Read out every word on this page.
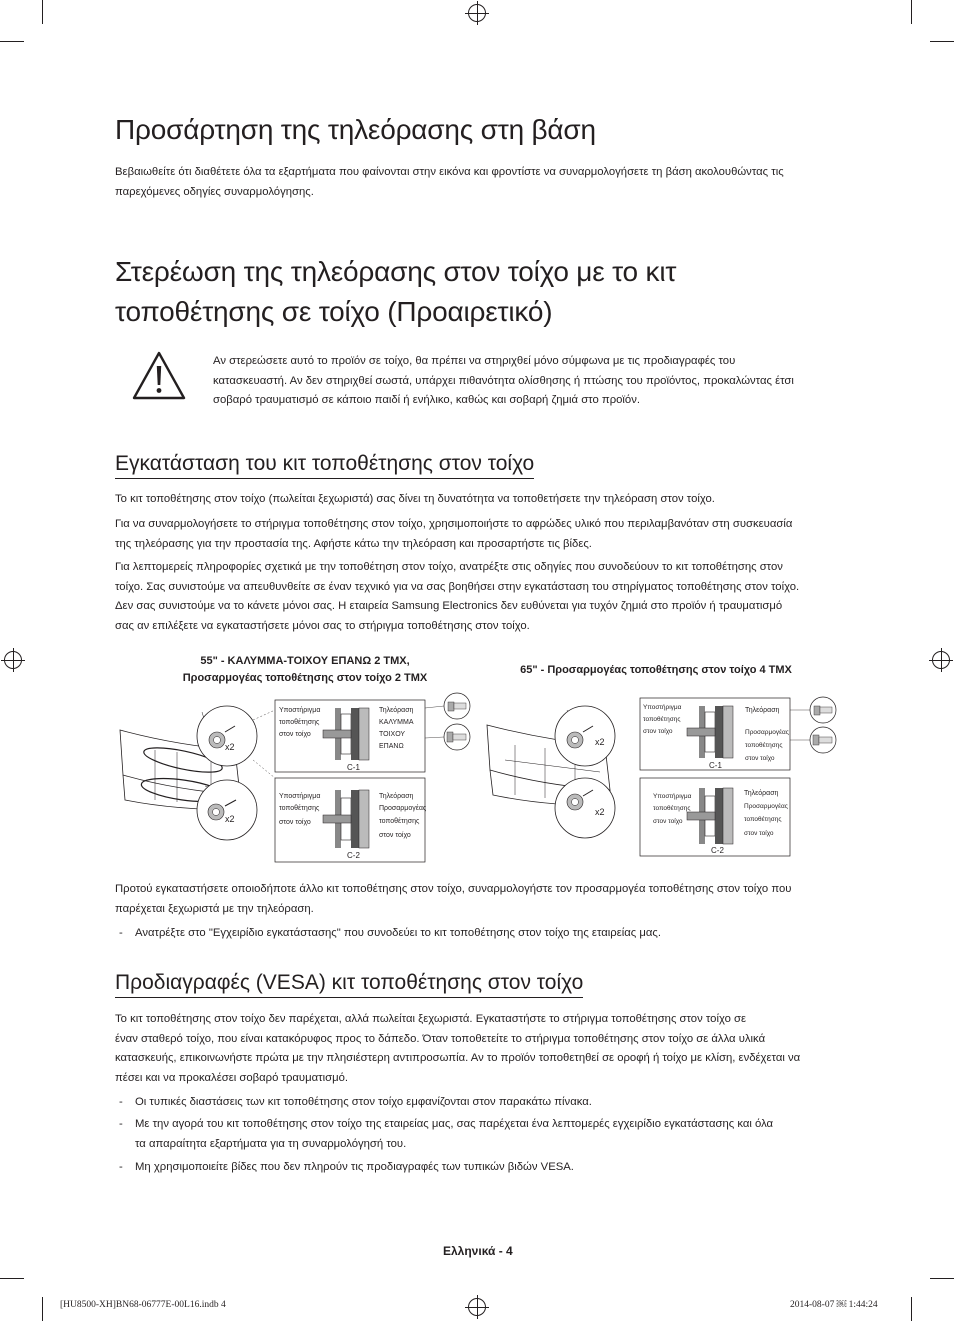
Προσάρτηση της τηλεόρασης στη βάση
Βεβαιωθείτε ότι διαθέτετε όλα τα εξαρτήματα που φαίνονται στην εικόνα και φροντίστε να συναρμολογήσετε τη βάση ακολουθώντας τις
παρεχόμενες οδηγίες συναρμολόγησης.
Στερέωση της τηλεόρασης στον τοίχο με το κιτ
τοποθέτησης σε τοίχο (Προαιρετικό)
Αν στερεώσετε αυτό το προϊόν σε τοίχο, θα πρέπει να στηριχθεί μόνο σύμφωνα με τις προδιαγραφές του
κατασκευαστή. Αν δεν στηριχθεί σωστά, υπάρχει πιθανότητα ολίσθησης ή πτώσης του προϊόντος, προκαλώντας έτσι
σοβαρό τραυματισμό σε κάποιο παιδί ή ενήλικο, καθώς και σοβαρή ζημιά στο προϊόν.
Εγκατάσταση του κιτ τοποθέτησης στον τοίχο
Το κιτ τοποθέτησης στον τοίχο (πωλείται ξεχωριστά) σας δίνει τη δυνατότητα να τοποθετήσετε την τηλεόραση στον τοίχο.
Για να συναρμολογήσετε το στήριγμα τοποθέτησης στον τοίχο, χρησιμοποιήστε το αφρώδες υλικό που περιλαμβανόταν στη συσκευασία
της τηλεόρασης για την προστασία της. Αφήστε κάτω την τηλεόραση και προσαρτήστε τις βίδες.
Για λεπτομερείς πληροφορίες σχετικά με την τοποθέτηση στον τοίχο, ανατρέξτε στις οδηγίες που συνοδεύουν το κιτ τοποθέτησης στον
τοίχο. Σας συνιστούμε να απευθυνθείτε σε έναν τεχνικό για να σας βοηθήσει στην εγκατάσταση του στηρίγματος τοποθέτησης στον τοίχο.
Δεν σας συνιστούμε να το κάνετε μόνοι σας. Η εταιρεία Samsung Electronics δεν ευθύνεται για τυχόν ζημιά στο προϊόν ή τραυματισμό
σας αν επιλέξετε να εγκαταστήσετε μόνοι σας το στήριγμα τοποθέτησης στον τοίχο.
55" - ΚΑΛΥΜΜΑ-ΤΟΙΧΟΥ ΕΠΑΝΩ 2 ΤΜΧ,
Προσαρμογέας τοποθέτησης στον τοίχο 2 ΤΜΧ
65" - Προσαρμογέας τοποθέτησης στον τοίχο 4 ΤΜΧ
x2
x2
Υποστήριγμα
τοποθέτησης
στον τοίχο
Τηλεόραση
ΚΑΛΥΜΜΑ
ΤΟΙΧΟΥ
ΕΠΑΝΩ
C-1
Υποστήριγμα
τοποθέτησης
στον τοίχο
Τηλεόραση
Προσαρμογέας
τοποθέτησης
στον τοίχο
C-2
x2
x2
Υποστήριγμα
τοποθέτησης
στον τοίχο
Τηλεόραση
Προσαρμογέας
τοποθέτησης
στον τοίχο
C-1
Υποστήριγμα
τοποθέτησης
στον τοίχο
Τηλεόραση
Προσαρμογέας
τοποθέτησης
στον τοίχο
C-2
Προτού εγκαταστήσετε οποιοδήποτε άλλο κιτ τοποθέτησης στον τοίχο, συναρμολογήστε τον προσαρμογέα τοποθέτησης στον τοίχο που
παρέχεται ξεχωριστά με την τηλεόραση.
- Ανατρέξτε στο "Εγχειρίδιο εγκατάστασης" που συνοδεύει το κιτ τοποθέτησης στον τοίχο της εταιρείας μας.
Προδιαγραφές (VESA) κιτ τοποθέτησης στον τοίχο
Το κιτ τοποθέτησης στον τοίχο δεν παρέχεται, αλλά πωλείται ξεχωριστά. Εγκαταστήστε το στήριγμα τοποθέτησης στον τοίχο σε
έναν σταθερό τοίχο, που είναι κατακόρυφος προς το δάπεδο. Όταν τοποθετείτε το στήριγμα τοποθέτησης στον τοίχο σε άλλα υλικά
κατασκευής, επικοινωνήστε πρώτα με την πλησιέστερη αντιπροσωπία. Αν το προϊόν τοποθετηθεί σε οροφή ή τοίχο με κλίση, ενδέχεται να
πέσει και να προκαλέσει σοβαρό τραυματισμό.
- Οι τυπικές διαστάσεις των κιτ τοποθέτησης στον τοίχο εμφανίζονται στον παρακάτω πίνακα.
- Με την αγορά του κιτ τοποθέτησης στον τοίχο της εταιρείας μας, σας παρέχεται ένα λεπτομερές εγχειρίδιο εγκατάστασης και όλα
τα απαραίτητα εξαρτήματα για τη συναρμολόγησή του.
- Μη χρησιμοποιείτε βίδες που δεν πληρούν τις προδιαγραφές των τυπικών βιδών VESA.
Ελληνικά - 4
[HU8500-XH]BN68-06777E-00L16.indb 4	2014-08-07 ￼ 1:44:24
